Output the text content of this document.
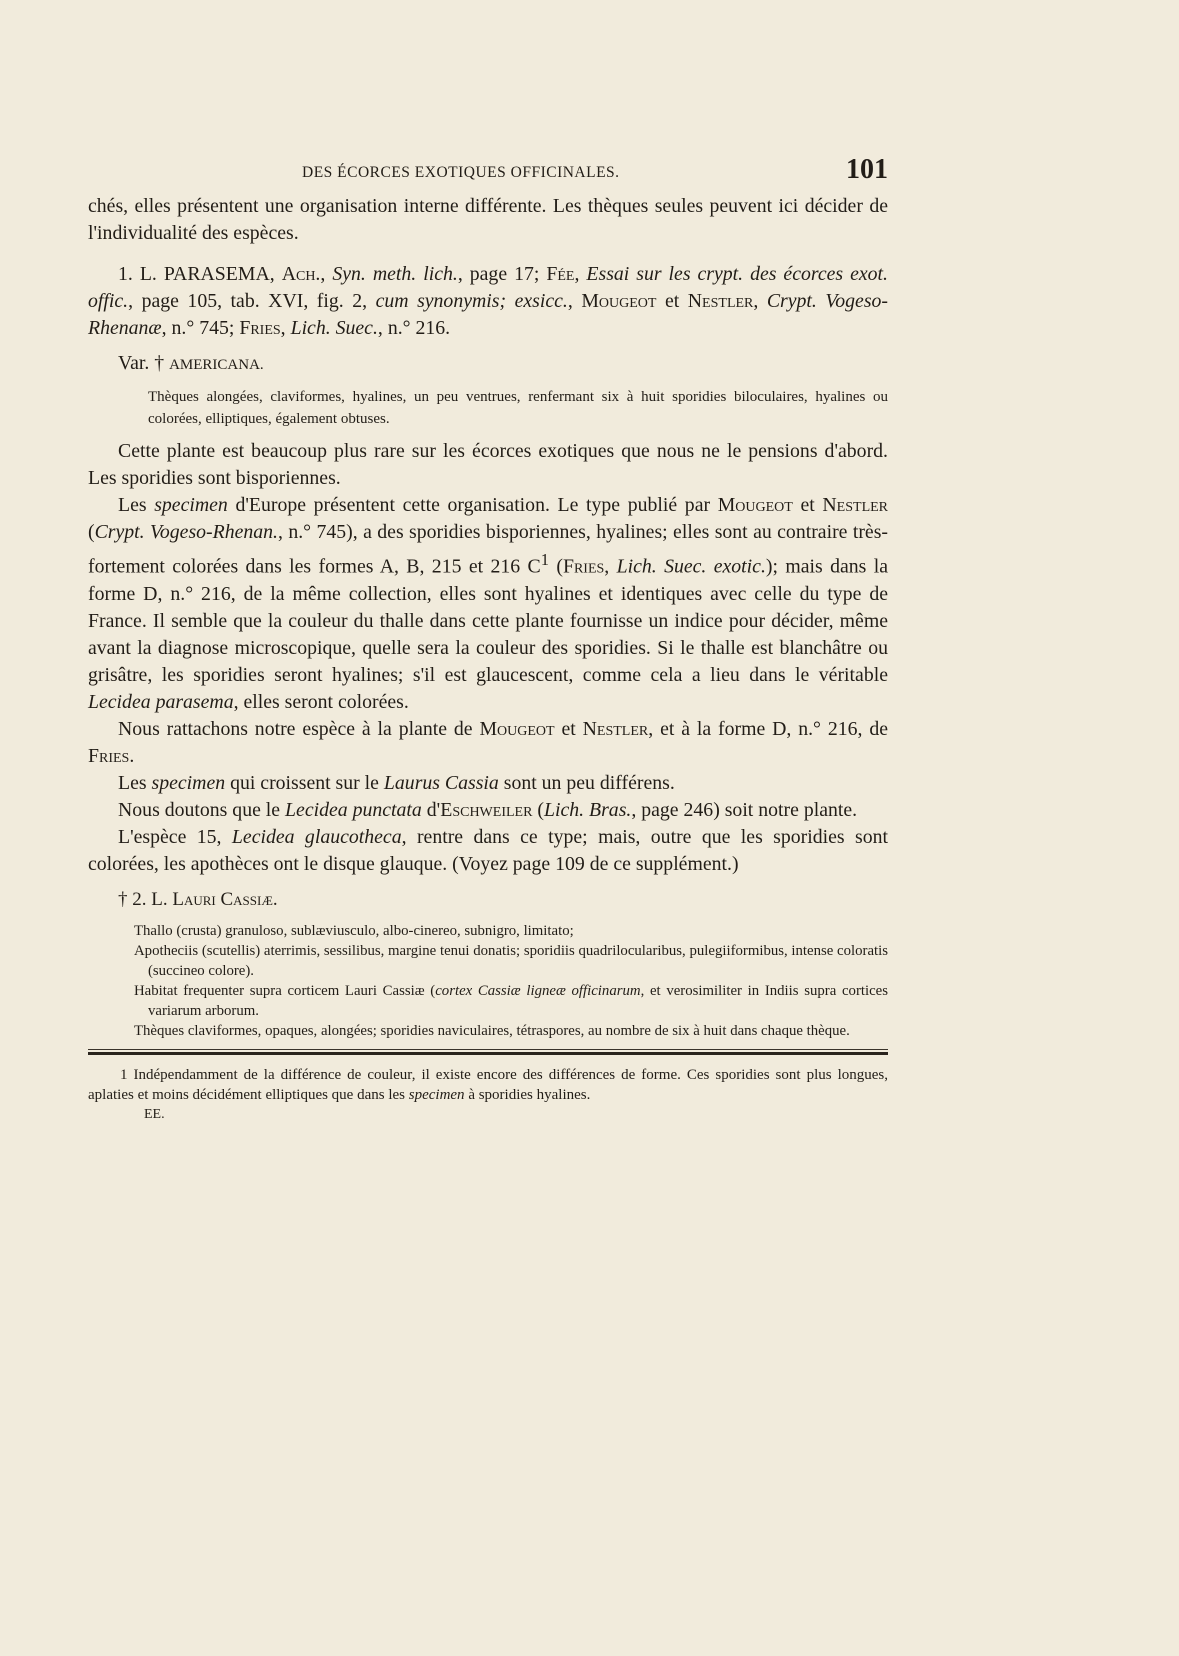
DES ÉCORCES EXOTIQUES OFFICINALES.	101

chés, elles présentent une organisation interne différente. Les thèques seules peuvent ici décider de l'individualité des espèces.

1. L. PARASEMA, Ach., Syn. meth. lich., page 17; Fée, Essai sur les crypt. des écorces exot. offic., page 105, tab. XVI, fig. 2, cum synonymis; exsicc., Mougeot et Nestler, Crypt. Vogeso-Rhenanæ, n.° 745; Fries, Lich. Suec., n.° 216.

Var. † AMERICANA.

Thèques alongées, claviformes, hyalines, un peu ventrues, renfermant six à huit sporidies biloculaires, hyalines ou colorées, elliptiques, également obtuses.

Cette plante est beaucoup plus rare sur les écorces exotiques que nous ne le pensions d'abord. Les sporidies sont bisporiennes.

Les specimen d'Europe présentent cette organisation. Le type publié par Mougeot et Nestler (Crypt. Vogeso-Rhenan., n.° 745), a des sporidies bisporiennes, hyalines; elles sont au contraire très-fortement colorées dans les formes A, B, 215 et 216 $C^1$ (Fries, Lich. Suec. exotic.); mais dans la forme D, n.° 216, de la même collection, elles sont hyalines et identiques avec celle du type de France. Il semble que la couleur du thalle dans cette plante fournisse un indice pour décider, même avant la diagnose microscopique, quelle sera la couleur des sporidies. Si le thalle est blanchâtre ou grisâtre, les sporidies seront hyalines; s'il est glaucescent, comme cela a lieu dans le véritable Lecidea parasema, elles seront colorées.

Nous rattachons notre espèce à la plante de Mougeot et Nestler, et à la forme D, n.° 216, de Fries.

Les specimen qui croissent sur le Laurus Cassia sont un peu différens.

Nous doutons que le Lecidea punctata d'Eschweiler (Lich. Bras., page 246) soit notre plante.

L'espèce 15, Lecidea glaucotheca, rentre dans ce type; mais, outre que les sporidies sont colorées, les apothèces ont le disque glauque. (Voyez page 109 de ce supplément.)

† 2. L. Lauri Cassiæ.

Thallo (crusta) granuloso, sublæviusculo, albo-cinereo, subnigro, limitato;

Apotheciis (scutellis) aterrimis, sessilibus, margine tenui donatis; sporidiis quadrilocularibus, pulegiiformibus, intense coloratis (succineo colore).

Habitat frequenter supra corticem Lauri Cassiæ (cortex Cassiæ ligneæ officinarum, et verosimiliter in Indiis supra cortices variarum arborum.

Thèques claviformes, opaques, alongées; sporidies naviculaires, tétraspores, au nombre de six à huit dans chaque thèque.

1 Indépendamment de la différence de couleur, il existe encore des différences de forme. Ces sporidies sont plus longues, aplaties et moins décidément elliptiques que dans les specimen à sporidies hyalines.

EE.
